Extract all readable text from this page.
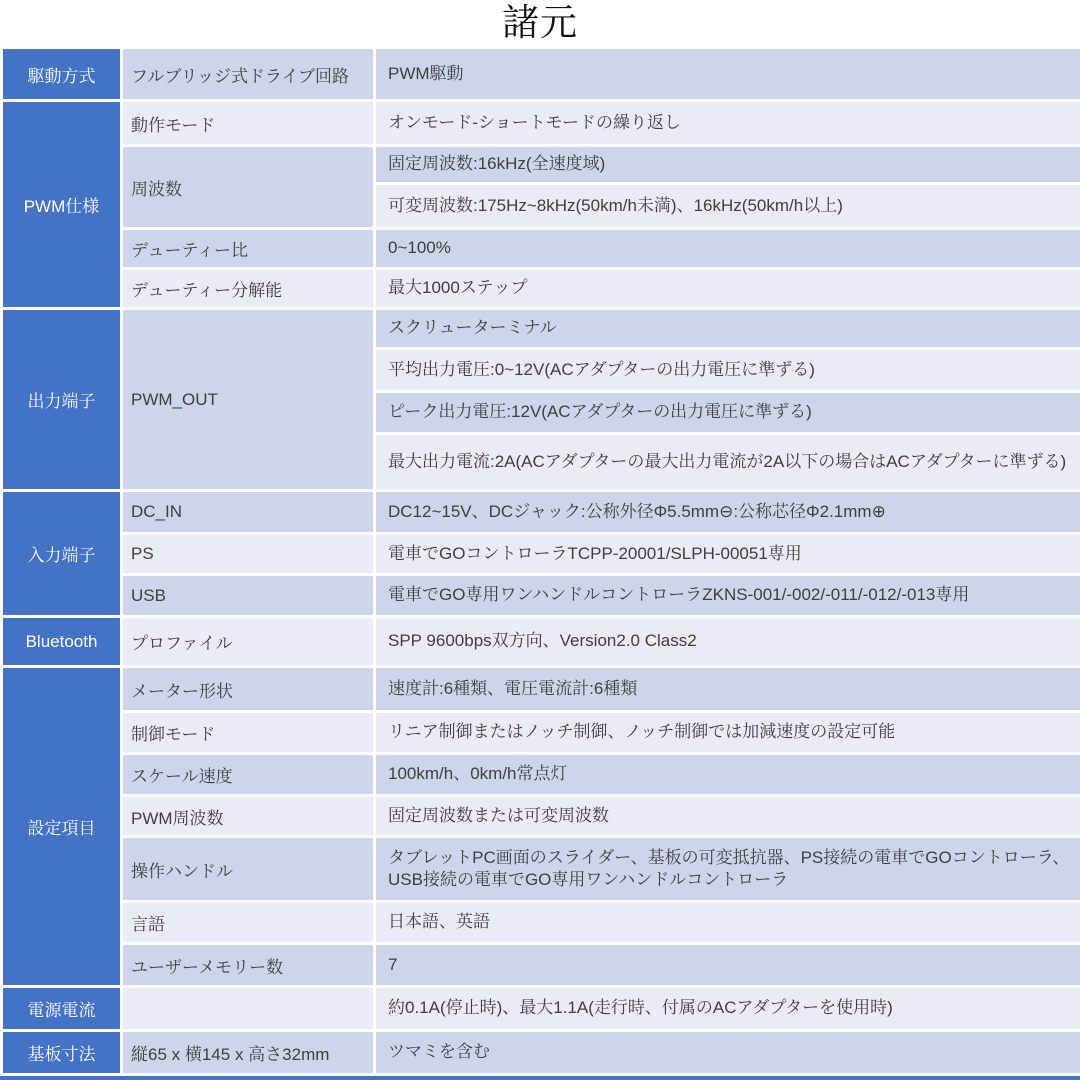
諸元
駆動方式	フルブリッジ式ドライブ回路	PWM駆動
PWM仕様	動作モード	オンモード-ショートモードの繰り返し
	周波数	固定周波数:16kHz(全速度域)
		可変周波数:175Hz~8kHz(50km/h未満)、16kHz(50km/h以上)
	デューティー比	0~100%
	デューティー分解能	最大1000ステップ
出力端子	PWM_OUT	スクリューターミナル
		平均出力電圧:0~12V(ACアダプターの出力電圧に準ずる)
		ピーク出力電圧:12V(ACアダプターの出力電圧に準ずる)
		最大出力電流:2A(ACアダプターの最大出力電流が2A以下の場合はACアダプターに準ずる)
入力端子	DC_IN	DC12~15V、DCジャック:公称外径Φ5.5mm⊖:公称芯径Φ2.1mm⊕
	PS	電車でGOコントローラTCPP-20001/SLPH-00051専用
	USB	電車でGO専用ワンハンドルコントローラZKNS-001/-002/-011/-012/-013専用
Bluetooth	プロファイル	SPP 9600bps双方向、Version2.0 Class2
設定項目	メーター形状	速度計:6種類、電圧電流計:6種類
	制御モード	リニア制御またはノッチ制御、ノッチ制御では加減速度の設定可能
	スケール速度	100km/h、0km/h常点灯
	PWM周波数	固定周波数または可変周波数
	操作ハンドル	タブレットPC画面のスライダー、基板の可変抵抗器、PS接続の電車でGOコントローラ、USB接続の電車でGO専用ワンハンドルコントローラ
	言語	日本語、英語
	ユーザーメモリー数	7
電源電流		約0.1A(停止時)、最大1.1A(走行時、付属のACアダプターを使用時)
基板寸法	縦65 x 横145 x 高さ32mm	ツマミを含む
